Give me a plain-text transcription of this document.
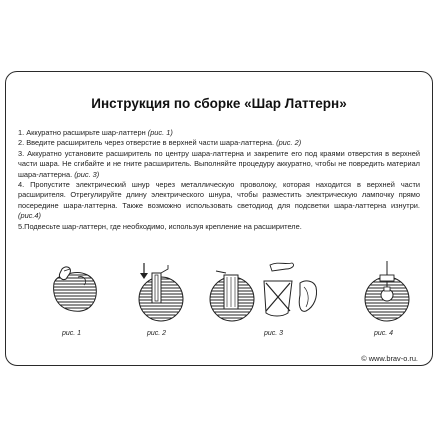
Инструкция по сборке «Шар Латтерн»

1. Аккуратно расширьте шар-латтерн (рис. 1)

2. Введите расширитель через отверстие в верхней части шара-латтерна. (рис. 2)

3. Аккуратно установите расширитель по центру шара-латтерна и закрепите его под краями отверстия в верхней части шара. Не сгибайте и не гните расширитель. Выполняйте процедуру аккуратно, чтобы не повредить материал шара-латтерна. (рис. 3)

4. Пропустите электрический шнур через металлическую проволоку, которая находится в верхней части расширителя. Отрегулируйте длину электрического шнура, чтобы разместить электрическую лампочку прямо посередине шара-латтерна. Также возможно использовать светодиод для подсветки шара-латтерна изнутри. (рис.4)

5.Подвесьте шар-латтерн, где необходимо, используя крепление на расширителе.

рис. 1	рис. 2	рис. 3	рис. 4
© www.brav-o.ru.
